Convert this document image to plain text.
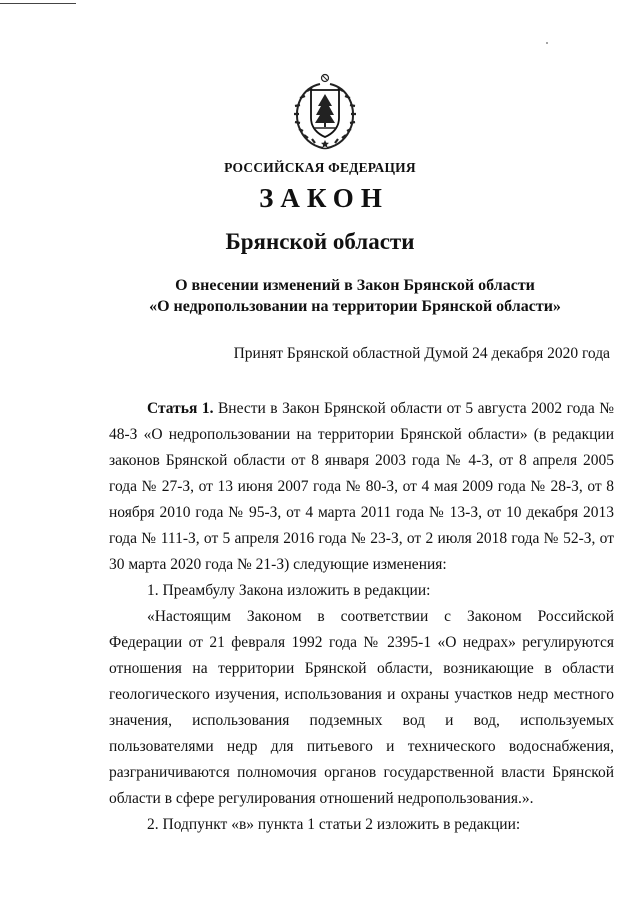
РОССИЙСКАЯ ФЕДЕРАЦИЯ
ЗАКОН
Брянской области
О внесении изменений в Закон Брянской области
«О недропользовании на территории Брянской области»
Принят Брянской областной Думой 24 декабря 2020 года

Статья 1. Внести в Закон Брянской области от 5 августа 2002 года № 48-З «О недропользовании на территории Брянской области» (в редакции законов Брянской области от 8 января 2003 года № 4-З, от 8 апреля 2005 года № 27-З, от 13 июня 2007 года № 80-З, от 4 мая 2009 года № 28-З, от 8 ноября 2010 года № 95-З, от 4 марта 2011 года № 13-З, от 10 декабря 2013 года № 111-З, от 5 апреля 2016 года № 23-З, от 2 июля 2018 года № 52-З, от 30 марта 2020 года № 21-З) следующие изменения:

1. Преамбулу Закона изложить в редакции:

«Настоящим Законом в соответствии с Законом Российской Федерации от 21 февраля 1992 года № 2395-1 «О недрах» регулируются отношения на территории Брянской области, возникающие в области геологического изучения, использования и охраны участков недр местного значения, использования подземных вод и вод, используемых пользователями недр для питьевого и технического водоснабжения, разграничиваются полномочия органов государственной власти Брянской области в сфере регулирования отношений недропользования.».

2. Подпункт «в» пункта 1 статьи 2 изложить в редакции:
